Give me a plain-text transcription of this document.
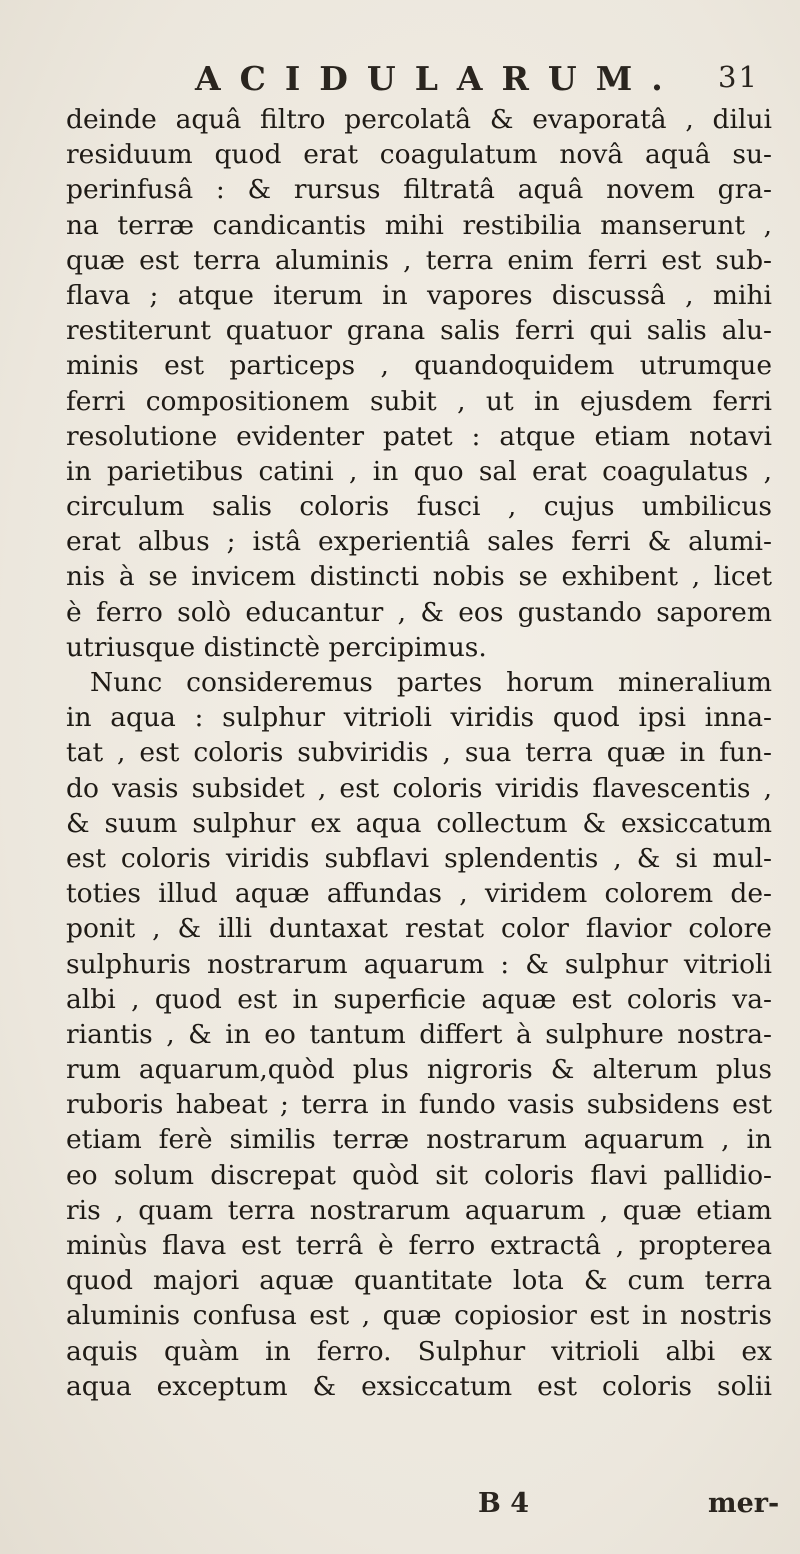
ACIDULARUM. 31
deinde aquâ filtro percolatâ & evaporatâ , dilui
residuum quod erat coagulatum novâ aquâ su-
perinfusâ : & rursus filtratâ aquâ novem gra-
na terræ candicantis mihi restibilia manserunt ,
quæ est terra aluminis , terra enim ferri est sub-
flava ; atque iterum in vapores discussâ , mihi
restiterunt quatuor grana salis ferri qui salis alu-
minis est particeps , quandoquidem utrumque
ferri compositionem subit , ut in ejusdem ferri
resolutione evidenter patet : atque etiam notavi
in parietibus catini , in quo sal erat coagulatus ,
circulum salis coloris fusci , cujus umbilicus
erat albus ; istâ experientiâ sales ferri & alumi-
nis à se invicem distincti nobis se exhibent , licet
è ferro solò educantur , & eos gustando saporem
utriusque distinctè percipimus.
Nunc consideremus partes horum mineralium
in aqua : sulphur vitrioli viridis quod ipsi inna-
tat , est coloris subviridis , sua terra quæ in fun-
do vasis subsidet , est coloris viridis flavescentis ,
& suum sulphur ex aqua collectum & exsiccatum
est coloris viridis subflavi splendentis , & si mul-
toties illud aquæ affundas , viridem colorem de-
ponit , & illi duntaxat restat color flavior colore
sulphuris nostrarum aquarum : & sulphur vitrioli
albi , quod est in superficie aquæ est coloris va-
riantis , & in eo tantum differt à sulphure nostra-
rum aquarum,quòd plus nigroris & alterum plus
ruboris habeat ; terra in fundo vasis subsidens est
etiam ferè similis terræ nostrarum aquarum , in
eo solum discrepat quòd sit coloris flavi pallidio-
ris , quam terra nostrarum aquarum , quæ etiam
minùs flava est terrâ è ferro extractâ , propterea
quod majori aquæ quantitate lota & cum terra
aluminis confusa est , quæ copiosior est in nostris
aquis quàm in ferro. Sulphur vitrioli albi ex
aqua exceptum & exsiccatum est coloris solii
B 4	mer-
